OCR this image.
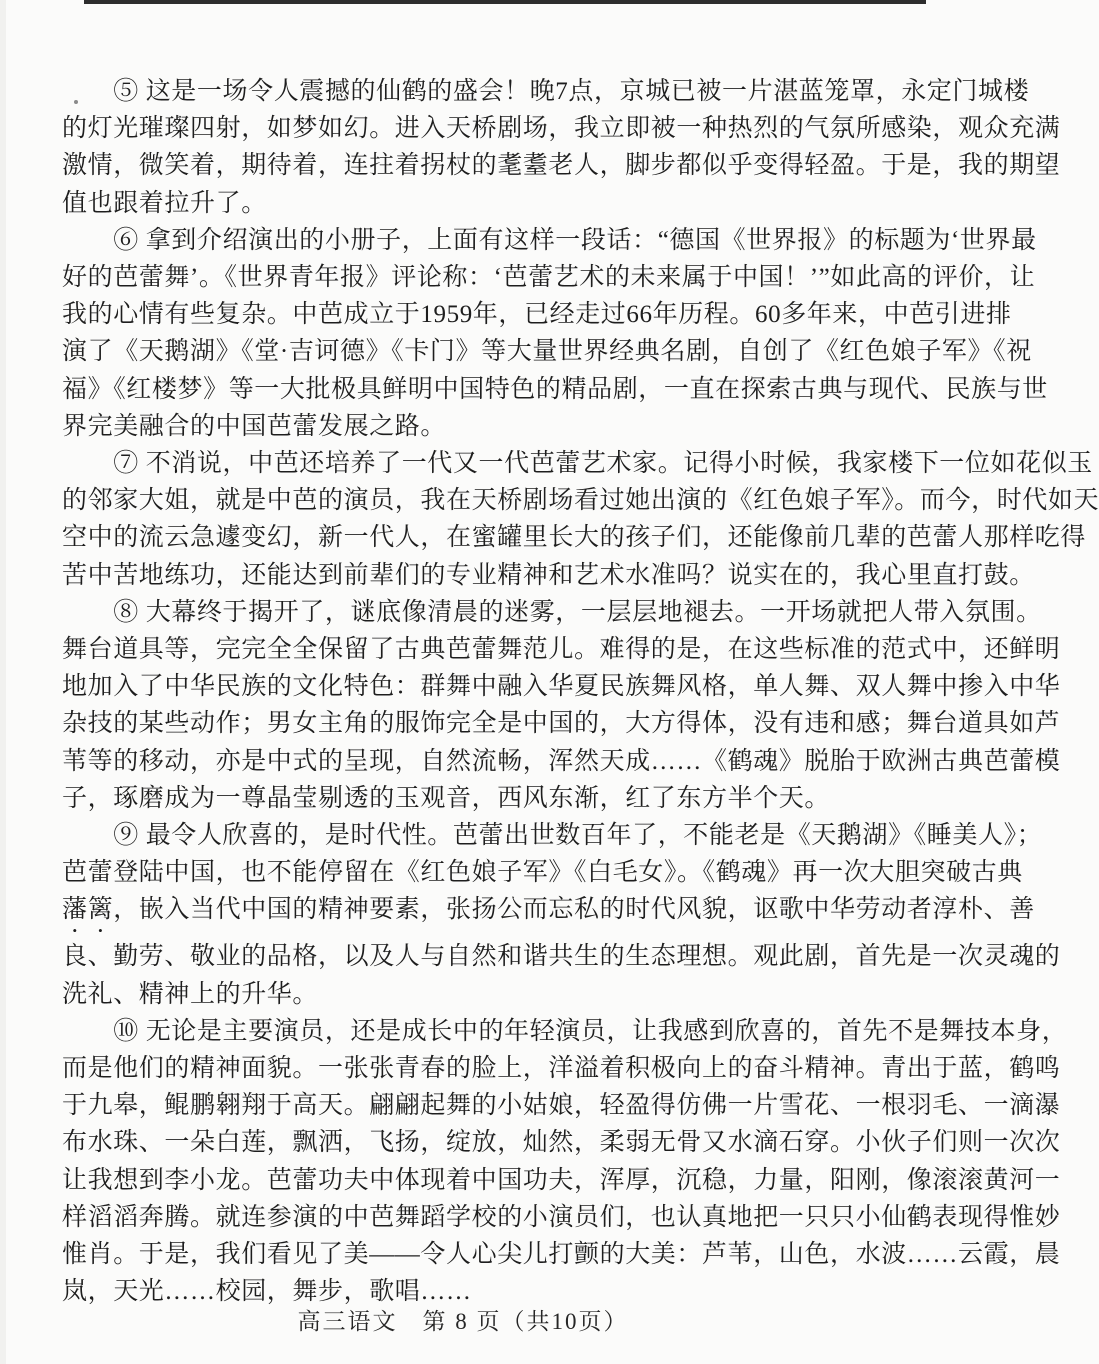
⑤ 这是一场令人震撼的仙鹤的盛会！晚7点，京城已被一片湛蓝笼罩，永定门城楼
的灯光璀璨四射，如梦如幻。进入天桥剧场，我立即被一种热烈的气氛所感染，观众充满
激情，微笑着，期待着，连拄着拐杖的耄耋老人，脚步都似乎变得轻盈。于是，我的期望
值也跟着拉升了。
⑥ 拿到介绍演出的小册子，上面有这样一段话：“德国《世界报》的标题为‘世界最
好的芭蕾舞’。《世界青年报》评论称：‘芭蕾艺术的未来属于中国！’”如此高的评价，让
我的心情有些复杂。中芭成立于1959年，已经走过66年历程。60多年来，中芭引进排
演了《天鹅湖》《堂·吉诃德》《卡门》等大量世界经典名剧，自创了《红色娘子军》《祝
福》《红楼梦》等一大批极具鲜明中国特色的精品剧，一直在探索古典与现代、民族与世
界完美融合的中国芭蕾发展之路。
⑦ 不消说，中芭还培养了一代又一代芭蕾艺术家。记得小时候，我家楼下一位如花似玉
的邻家大姐，就是中芭的演员，我在天桥剧场看过她出演的《红色娘子军》。而今，时代如天
空中的流云急遽变幻，新一代人，在蜜罐里长大的孩子们，还能像前几辈的芭蕾人那样吃得
苦中苦地练功，还能达到前辈们的专业精神和艺术水准吗？说实在的，我心里直打鼓。
⑧ 大幕终于揭开了，谜底像清晨的迷雾，一层层地褪去。一开场就把人带入氛围。
舞台道具等，完完全全保留了古典芭蕾舞范儿。难得的是，在这些标准的范式中，还鲜明
地加入了中华民族的文化特色：群舞中融入华夏民族舞风格，单人舞、双人舞中掺入中华
杂技的某些动作；男女主角的服饰完全是中国的，大方得体，没有违和感；舞台道具如芦
苇等的移动，亦是中式的呈现，自然流畅，浑然天成……《鹤魂》脱胎于欧洲古典芭蕾模
子，琢磨成为一尊晶莹剔透的玉观音，西风东渐，红了东方半个天。
⑨ 最令人欣喜的，是时代性。芭蕾出世数百年了，不能老是《天鹅湖》《睡美人》；
芭蕾登陆中国，也不能停留在《红色娘子军》《白毛女》。《鹤魂》再一次大胆突破古典
藩篱，嵌入当代中国的精神要素，张扬公而忘私的时代风貌，讴歌中华劳动者淳朴、善
良、勤劳、敬业的品格，以及人与自然和谐共生的生态理想。观此剧，首先是一次灵魂的
洗礼、精神上的升华。
⑩ 无论是主要演员，还是成长中的年轻演员，让我感到欣喜的，首先不是舞技本身，
而是他们的精神面貌。一张张青春的脸上，洋溢着积极向上的奋斗精神。青出于蓝，鹤鸣
于九皋，鲲鹏翱翔于高天。翩翩起舞的小姑娘，轻盈得仿佛一片雪花、一根羽毛、一滴瀑
布水珠、一朵白莲，飘洒，飞扬，绽放，灿然，柔弱无骨又水滴石穿。小伙子们则一次次
让我想到李小龙。芭蕾功夫中体现着中国功夫，浑厚，沉稳，力量，阳刚，像滚滚黄河一
样滔滔奔腾。就连参演的中芭舞蹈学校的小演员们，也认真地把一只只小仙鹤表现得惟妙
惟肖。于是，我们看见了美——令人心尖儿打颤的大美：芦苇，山色，水波……云霞，晨
岚，天光……校园，舞步，歌唱……
高三语文　第 8 页（共10页）
